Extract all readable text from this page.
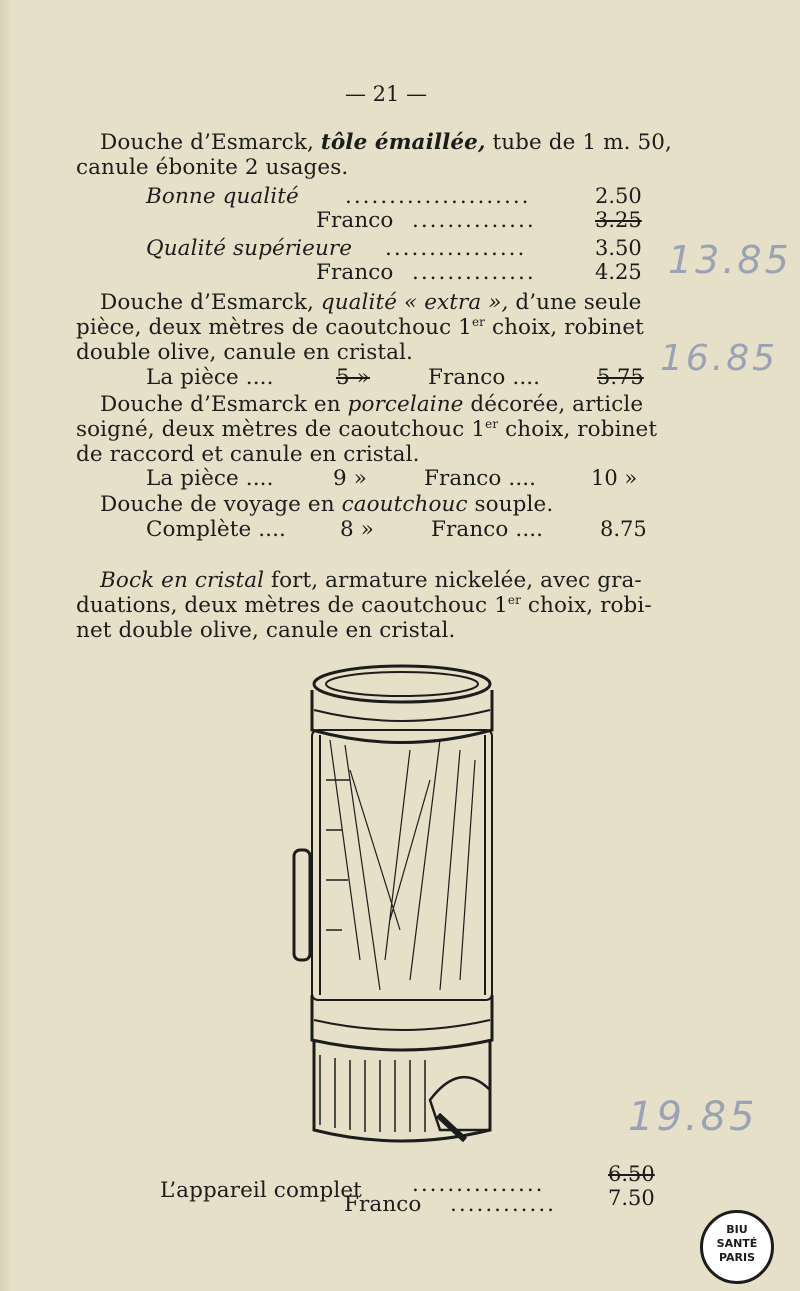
— 21 —
Douche d’Esmarck, tôle émaillée, tube de 1 m. 50,
canule ébonite 2 usages.
Bonne qualité .....................	2.50
Franco ..............	3.25
Qualité supérieure ................	3.50
Franco ..............	4.25 13.85
Douche d’Esmarck, qualité « extra », d’une seule
pièce, deux mètres de caoutchouc 1er choix, robinet
double olive, canule en cristal.
La pièce ....	5 »	Franco ....	5.75 16.85
Douche d’Esmarck en porcelaine décorée, article
soigné, deux mètres de caoutchouc 1er choix, robinet
de raccord et canule en cristal.
La pièce ....	9 »	Franco ....	10 »
Douche de voyage en caoutchouc souple.
Complète ....	8 »	Franco ....	8.75
Bock en cristal fort, armature nickelée, avec gra-
duations, deux mètres de caoutchouc 1er choix, robi-
net double olive, canule en cristal.
19.85
L’appareil complet ...............	6.50
Franco ............ 7.50
BIU
SANTÉ
PARIS
